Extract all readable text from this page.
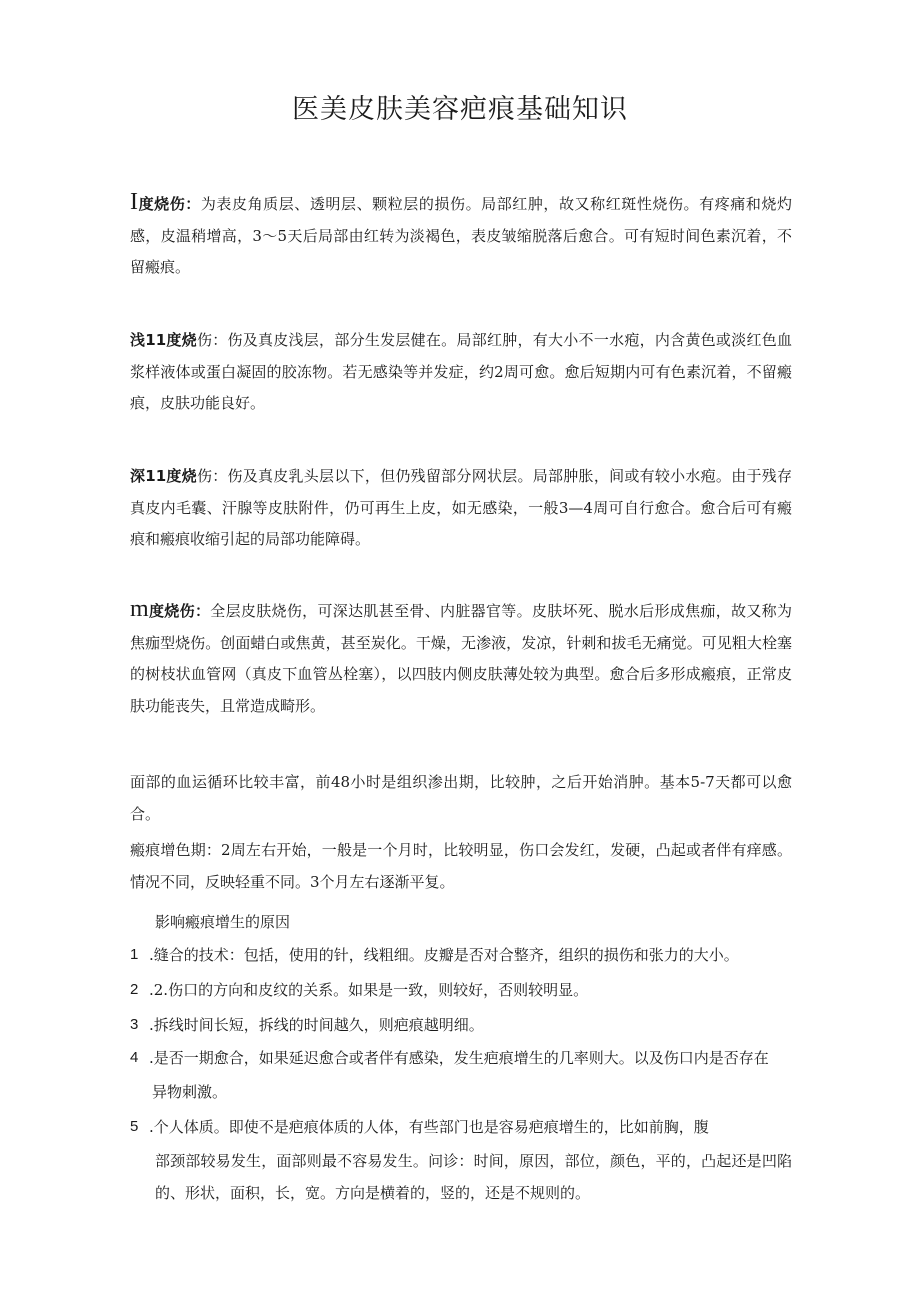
医美皮肤美容疤痕基础知识
I度烧伤：为表皮角质层、透明层、颗粒层的损伤。局部红肿，故又称红斑性烧伤。有疼痛和烧灼感，皮温稍增高，3～5天后局部由红转为淡褐色，表皮皱缩脱落后愈合。可有短时间色素沉着，不留瘢痕。
浅11度烧伤：伤及真皮浅层，部分生发层健在。局部红肿，有大小不一水疱，内含黄色或淡红色血浆样液体或蛋白凝固的胶冻物。若无感染等并发症，约2周可愈。愈后短期内可有色素沉着，不留瘢痕，皮肤功能良好。
深11度烧伤：伤及真皮乳头层以下，但仍残留部分网状层。局部肿胀，间或有较小水疱。由于残存真皮内毛囊、汗腺等皮肤附件，仍可再生上皮，如无感染，一般3—4周可自行愈合。愈合后可有瘢痕和瘢痕收缩引起的局部功能障碍。
m度烧伤：全层皮肤烧伤，可深达肌甚至骨、内脏器官等。皮肤坏死、脱水后形成焦痂，故又称为焦痂型烧伤。创面蜡白或焦黄，甚至炭化。干燥，无渗液，发凉，针刺和拔毛无痛觉。可见粗大栓塞的树枝状血管网（真皮下血管丛栓塞），以四肢内侧皮肤薄处较为典型。愈合后多形成瘢痕，正常皮肤功能丧失，且常造成畸形。
面部的血运循环比较丰富，前48小时是组织渗出期，比较肿，之后开始消肿。基本5-7天都可以愈合。
瘢痕增色期：2周左右开始，一般是一个月时，比较明显，伤口会发红，发硬，凸起或者伴有痒感。情况不同，反映轻重不同。3个月左右逐渐平复。
影响瘢痕增生的原因
1 .缝合的技术：包括，使用的针，线粗细。皮瓣是否对合整齐，组织的损伤和张力的大小。
2 .2.伤口的方向和皮纹的关系。如果是一致，则较好，否则较明显。
3 .拆线时间长短，拆线的时间越久，则疤痕越明细。
4 .是否一期愈合，如果延迟愈合或者伴有感染，发生疤痕增生的几率则大。以及伤口内是否存在
异物刺激。
5 .个人体质。即使不是疤痕体质的人体，有些部门也是容易疤痕增生的，比如前胸，腹
部颈部较易发生，面部则最不容易发生。问诊：时间，原因，部位，颜色，平的，凸起还是凹陷的、形状，面积，长，宽。方向是横着的，竖的，还是不规则的。
